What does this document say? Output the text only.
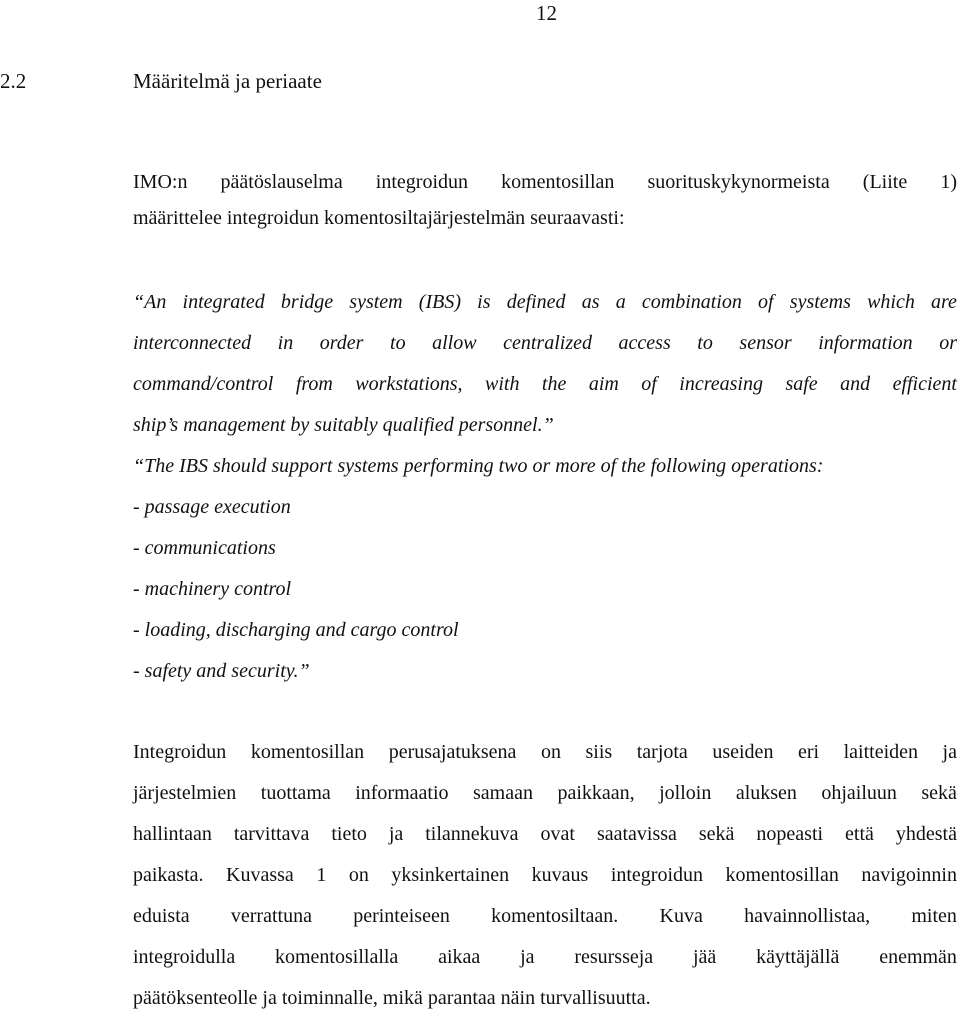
12
2.2	Määritelmä ja periaate
IMO:n päätöslauselma integroidun komentosillan suorituskykynormeista (Liite 1)
määrittelee integroidun komentosiltajärjestelmän seuraavasti:
“An integrated bridge system (IBS) is defined as a combination of systems which are
interconnected in order to allow centralized access to sensor information or
command/control from workstations, with the aim of increasing safe and efficient
ship’s management by suitably qualified personnel.”
“The IBS should support systems performing two or more of the following operations:
- passage execution
- communications
- machinery control
- loading, discharging and cargo control
- safety and security.”
Integroidun komentosillan perusajatuksena on siis tarjota useiden eri laitteiden ja
järjestelmien tuottama informaatio samaan paikkaan, jolloin aluksen ohjailuun sekä
hallintaan tarvittava tieto ja tilannekuva ovat saatavissa sekä nopeasti että yhdestä
paikasta. Kuvassa 1 on yksinkertainen kuvaus integroidun komentosillan navigoinnin
eduista verrattuna perinteiseen komentosiltaan. Kuva havainnollistaa, miten
integroidulla komentosillalla aikaa ja resursseja jää käyttäjällä enemmän
päätöksenteolle ja toiminnalle, mikä parantaa näin turvallisuutta.
